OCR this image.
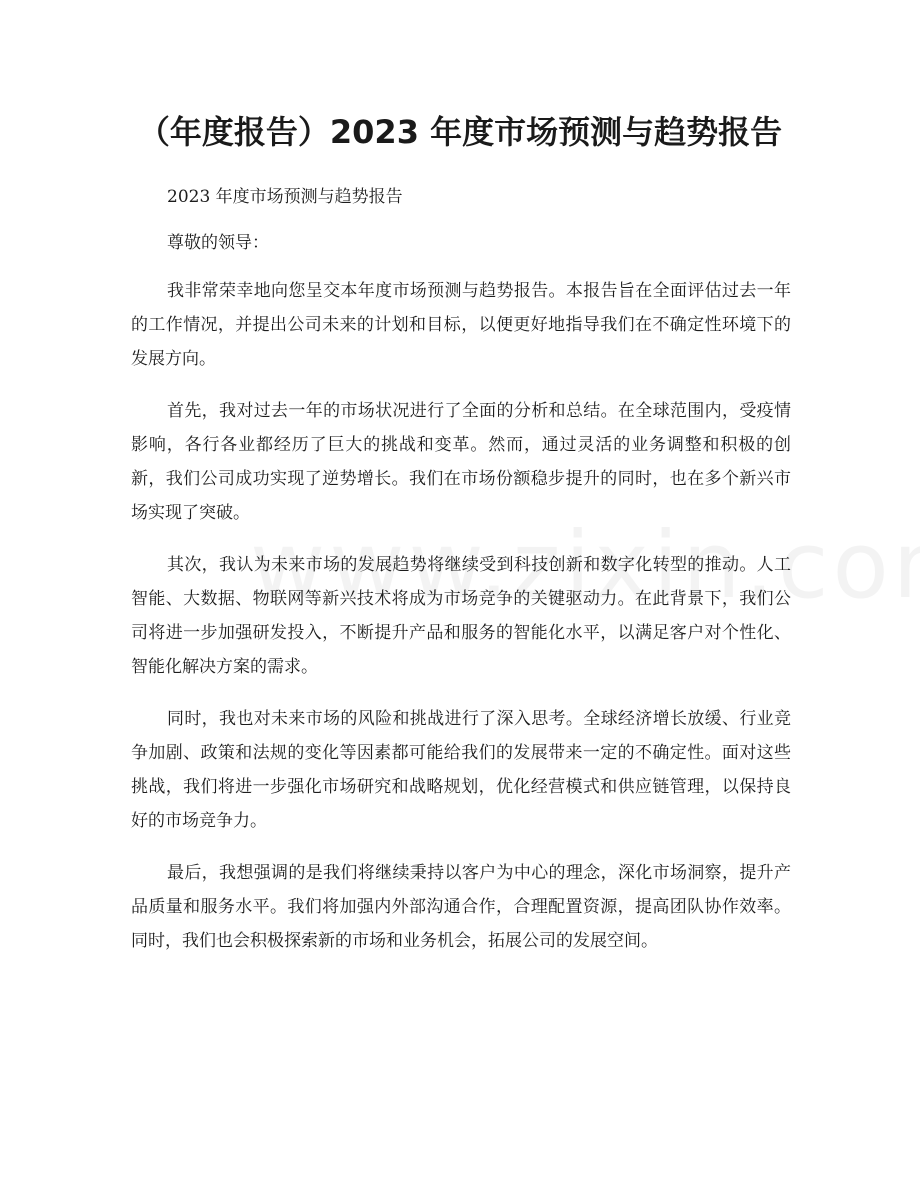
（年度报告）2023 年度市场预测与趋势报告

2023 年度市场预测与趋势报告

尊敬的领导：

我非常荣幸地向您呈交本年度市场预测与趋势报告。本报告旨在全面评估过去一年的工作情况，并提出公司未来的计划和目标，以便更好地指导我们在不确定性环境下的发展方向。

首先，我对过去一年的市场状况进行了全面的分析和总结。在全球范围内，受疫情影响，各行各业都经历了巨大的挑战和变革。然而，通过灵活的业务调整和积极的创新，我们公司成功实现了逆势增长。我们在市场份额稳步提升的同时，也在多个新兴市场实现了突破。

其次，我认为未来市场的发展趋势将继续受到科技创新和数字化转型的推动。人工智能、大数据、物联网等新兴技术将成为市场竞争的关键驱动力。在此背景下，我们公司将进一步加强研发投入，不断提升产品和服务的智能化水平，以满足客户对个性化、智能化解决方案的需求。

同时，我也对未来市场的风险和挑战进行了深入思考。全球经济增长放缓、行业竞争加剧、政策和法规的变化等因素都可能给我们的发展带来一定的不确定性。面对这些挑战，我们将进一步强化市场研究和战略规划，优化经营模式和供应链管理，以保持良好的市场竞争力。

最后，我想强调的是我们将继续秉持以客户为中心的理念，深化市场洞察，提升产品质量和服务水平。我们将加强内外部沟通合作，合理配置资源，提高团队协作效率。同时，我们也会积极探索新的市场和业务机会，拓展公司的发展空间。
